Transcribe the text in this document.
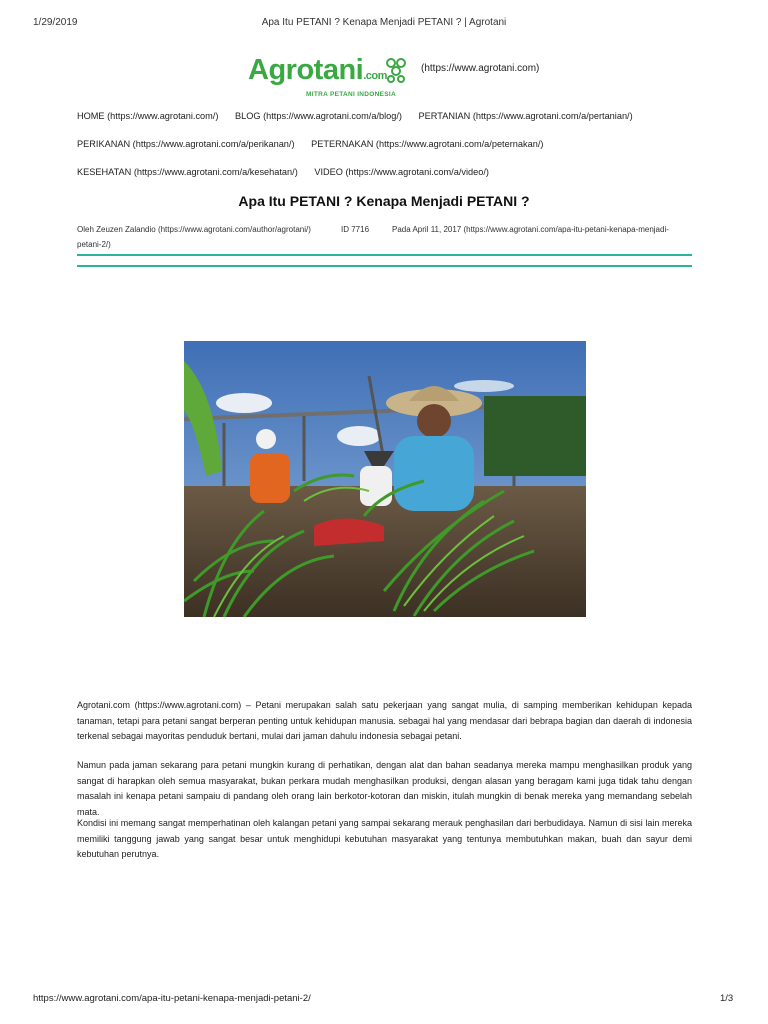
1/29/2019	Apa Itu PETANI ? Kenapa Menjadi PETANI ? | Agrotani
Agrotani.com
MITRA PETANI INDONESIA
(https://www.agrotani.com)
HOME (https://www.agrotani.com/) BLOG (https://www.agrotani.com/a/blog/) PERTANIAN (https://www.agrotani.com/a/pertanian/)
PERIKANAN (https://www.agrotani.com/a/perikanan/) PETERNAKAN (https://www.agrotani.com/a/peternakan/)
KESEHATAN (https://www.agrotani.com/a/kesehatan/) VIDEO (https://www.agrotani.com/a/video/)
Apa Itu PETANI ? Kenapa Menjadi PETANI ?
Oleh Zeuzen Zalandio (https://www.agrotani.com/author/agrotani/)	ID 7716	Pada April 11, 2017 (https://www.agrotani.com/apa-itu-petani-kenapa-menjadi-
petani-2/)
Agrotani.com (https://www.agrotani.com) – Petani merupakan salah satu pekerjaan yang sangat mulia, di samping memberikan kehidupan kepada tanaman, tetapi para petani sangat berperan penting untuk kehidupan manusia. sebagai hal yang mendasar dari bebrapa bagian dan daerah di indonesia terkenal sebagai mayoritas penduduk bertani, mulai dari jaman dahulu indonesia sebagai petani.
Namun pada jaman sekarang para petani mungkin kurang di perhatikan, dengan alat dan bahan seadanya mereka mampu menghasilkan produk yang sangat di harapkan oleh semua masyarakat, bukan perkara mudah menghasilkan produksi, dengan alasan yang beragam kami juga tidak tahu dengan masalah ini kenapa petani sampaiu di pandang oleh orang lain berkotor-kotoran dan miskin, itulah mungkin di benak mereka yang memandang sebelah mata.
Kondisi ini memang sangat memperhatinan oleh kalangan petani yang sampai sekarang merauk penghasilan dari berbudidaya. Namun di sisi lain mereka memiliki tanggung jawab yang sangat besar untuk menghidupi kebutuhan masyarakat yang tentunya membutuhkan makan, buah dan sayur demi kebutuhan perutnya.
https://www.agrotani.com/apa-itu-petani-kenapa-menjadi-petani-2/	1/3
